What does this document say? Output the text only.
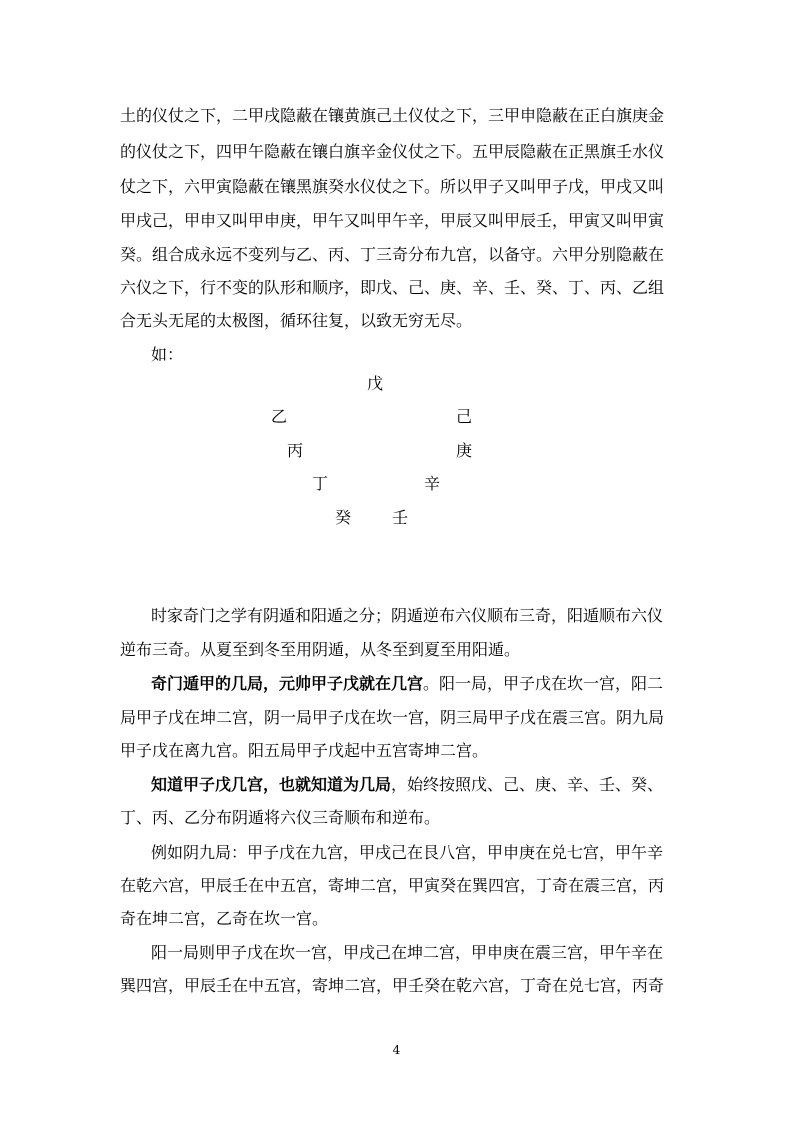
土的仪仗之下，二甲戌隐蔽在镶黄旗己土仪仗之下，三甲申隐蔽在正白旗庚金
的仪仗之下，四甲午隐蔽在镶白旗辛金仪仗之下。五甲辰隐蔽在正黑旗壬水仪
仗之下，六甲寅隐蔽在镶黑旗癸水仪仗之下。所以甲子又叫甲子戊，甲戌又叫
甲戌己，甲申又叫甲申庚，甲午又叫甲午辛，甲辰又叫甲辰壬，甲寅又叫甲寅
癸。组合成永远不变列与乙、丙、丁三奇分布九宫，以备守。六甲分别隐蔽在
六仪之下，行不变的队形和顺序，即戊、己、庚、辛、壬、癸、丁、丙、乙组
合无头无尾的太极图，循环往复，以致无穷无尽。
如：
戊
乙	己
丙	庚
丁	辛
癸	壬
时家奇门之学有阴遁和阳遁之分；阴遁逆布六仪顺布三奇，阳遁顺布六仪
逆布三奇。从夏至到冬至用阴遁，从冬至到夏至用阳遁。
奇门遁甲的几局，元帅甲子戊就在几宫。阳一局，甲子戊在坎一宫，阳二
局甲子戊在坤二宫，阴一局甲子戊在坎一宫，阴三局甲子戊在震三宫。阴九局
甲子戊在离九宫。阳五局甲子戊起中五宫寄坤二宫。
知道甲子戊几宫，也就知道为几局，始终按照戊、己、庚、辛、壬、癸、
丁、丙、乙分布阴遁将六仪三奇顺布和逆布。
例如阴九局：甲子戊在九宫，甲戌己在艮八宫，甲申庚在兑七宫，甲午辛
在乾六宫，甲辰壬在中五宫，寄坤二宫，甲寅癸在巽四宫，丁奇在震三宫，丙
奇在坤二宫，乙奇在坎一宫。
阳一局则甲子戊在坎一宫，甲戌己在坤二宫，甲申庚在震三宫，甲午辛在
巽四宫，甲辰壬在中五宫，寄坤二宫，甲壬癸在乾六宫，丁奇在兑七宫，丙奇
4
